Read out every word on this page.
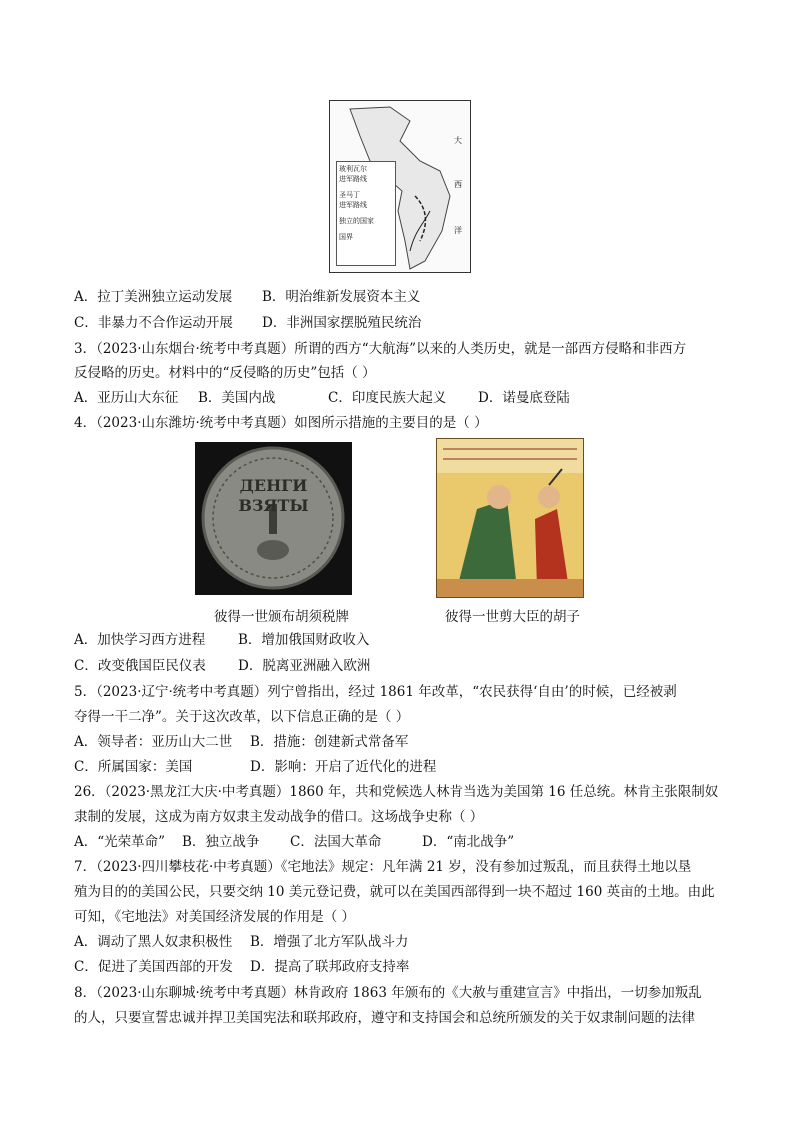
玻利瓦尔
进军路线
圣马丁
进军路线
独立的国家
国界
大
西
洋
A．拉丁美洲独立运动发展 B．明治维新发展资本主义
C．非暴力不合作运动开展 D．非洲国家摆脱殖民统治
3．（2023·山东烟台·统考中考真题）所谓的西方“大航海”以来的人类历史，就是一部西方侵略和非西方
反侵略的历史。材料中的“反侵略的历史”包括（ ）
A．亚历山大东征 B．美国内战	C．印度民族大起义 D．诺曼底登陆
4．（2023·山东潍坊·统考中考真题）如图所示措施的主要目的是（ ）
ДЕНГИ
ВЗЯТЫ
彼得一世颁布胡须税牌	彼得一世剪大臣的胡子
A．加快学习西方进程 B．增加俄国财政收入
C．改变俄国臣民仪表 D．脱离亚洲融入欧洲
5．（2023·辽宁·统考中考真题）列宁曾指出，经过 1861 年改革，“农民获得‘自由’的时候，已经被剥
夺得一干二净”。关于这次改革，以下信息正确的是（ ）
A．领导者：亚历山大二世 B．措施：创建新式常备军
C．所属国家：美国	D．影响：开启了近代化的进程
26．（2023·黑龙江大庆·中考真题）1860 年，共和党候选人林肯当选为美国第 16 任总统。林肯主张限制奴
隶制的发展，这成为南方奴隶主发动战争的借口。这场战争史称（ ）
A．“光荣革命” B．独立战争 C．法国大革命	D．“南北战争”
7．（2023·四川攀枝花·中考真题）《宅地法》规定：凡年满 21 岁，没有参加过叛乱，而且获得土地以垦
殖为目的的美国公民，只要交纳 10 美元登记费，就可以在美国西部得到一块不超过 160 英亩的土地。由此
可知，《宅地法》对美国经济发展的作用是（ ）
A．调动了黑人奴隶积极性 B．增强了北方军队战斗力
C．促进了美国西部的开发 D．提高了联邦政府支持率
8．（2023·山东聊城·统考中考真题）林肯政府 1863 年颁布的《大赦与重建宣言》中指出，一切参加叛乱
的人，只要宣誓忠诚并捍卫美国宪法和联邦政府，遵守和支持国会和总统所颁发的关于奴隶制问题的法律
